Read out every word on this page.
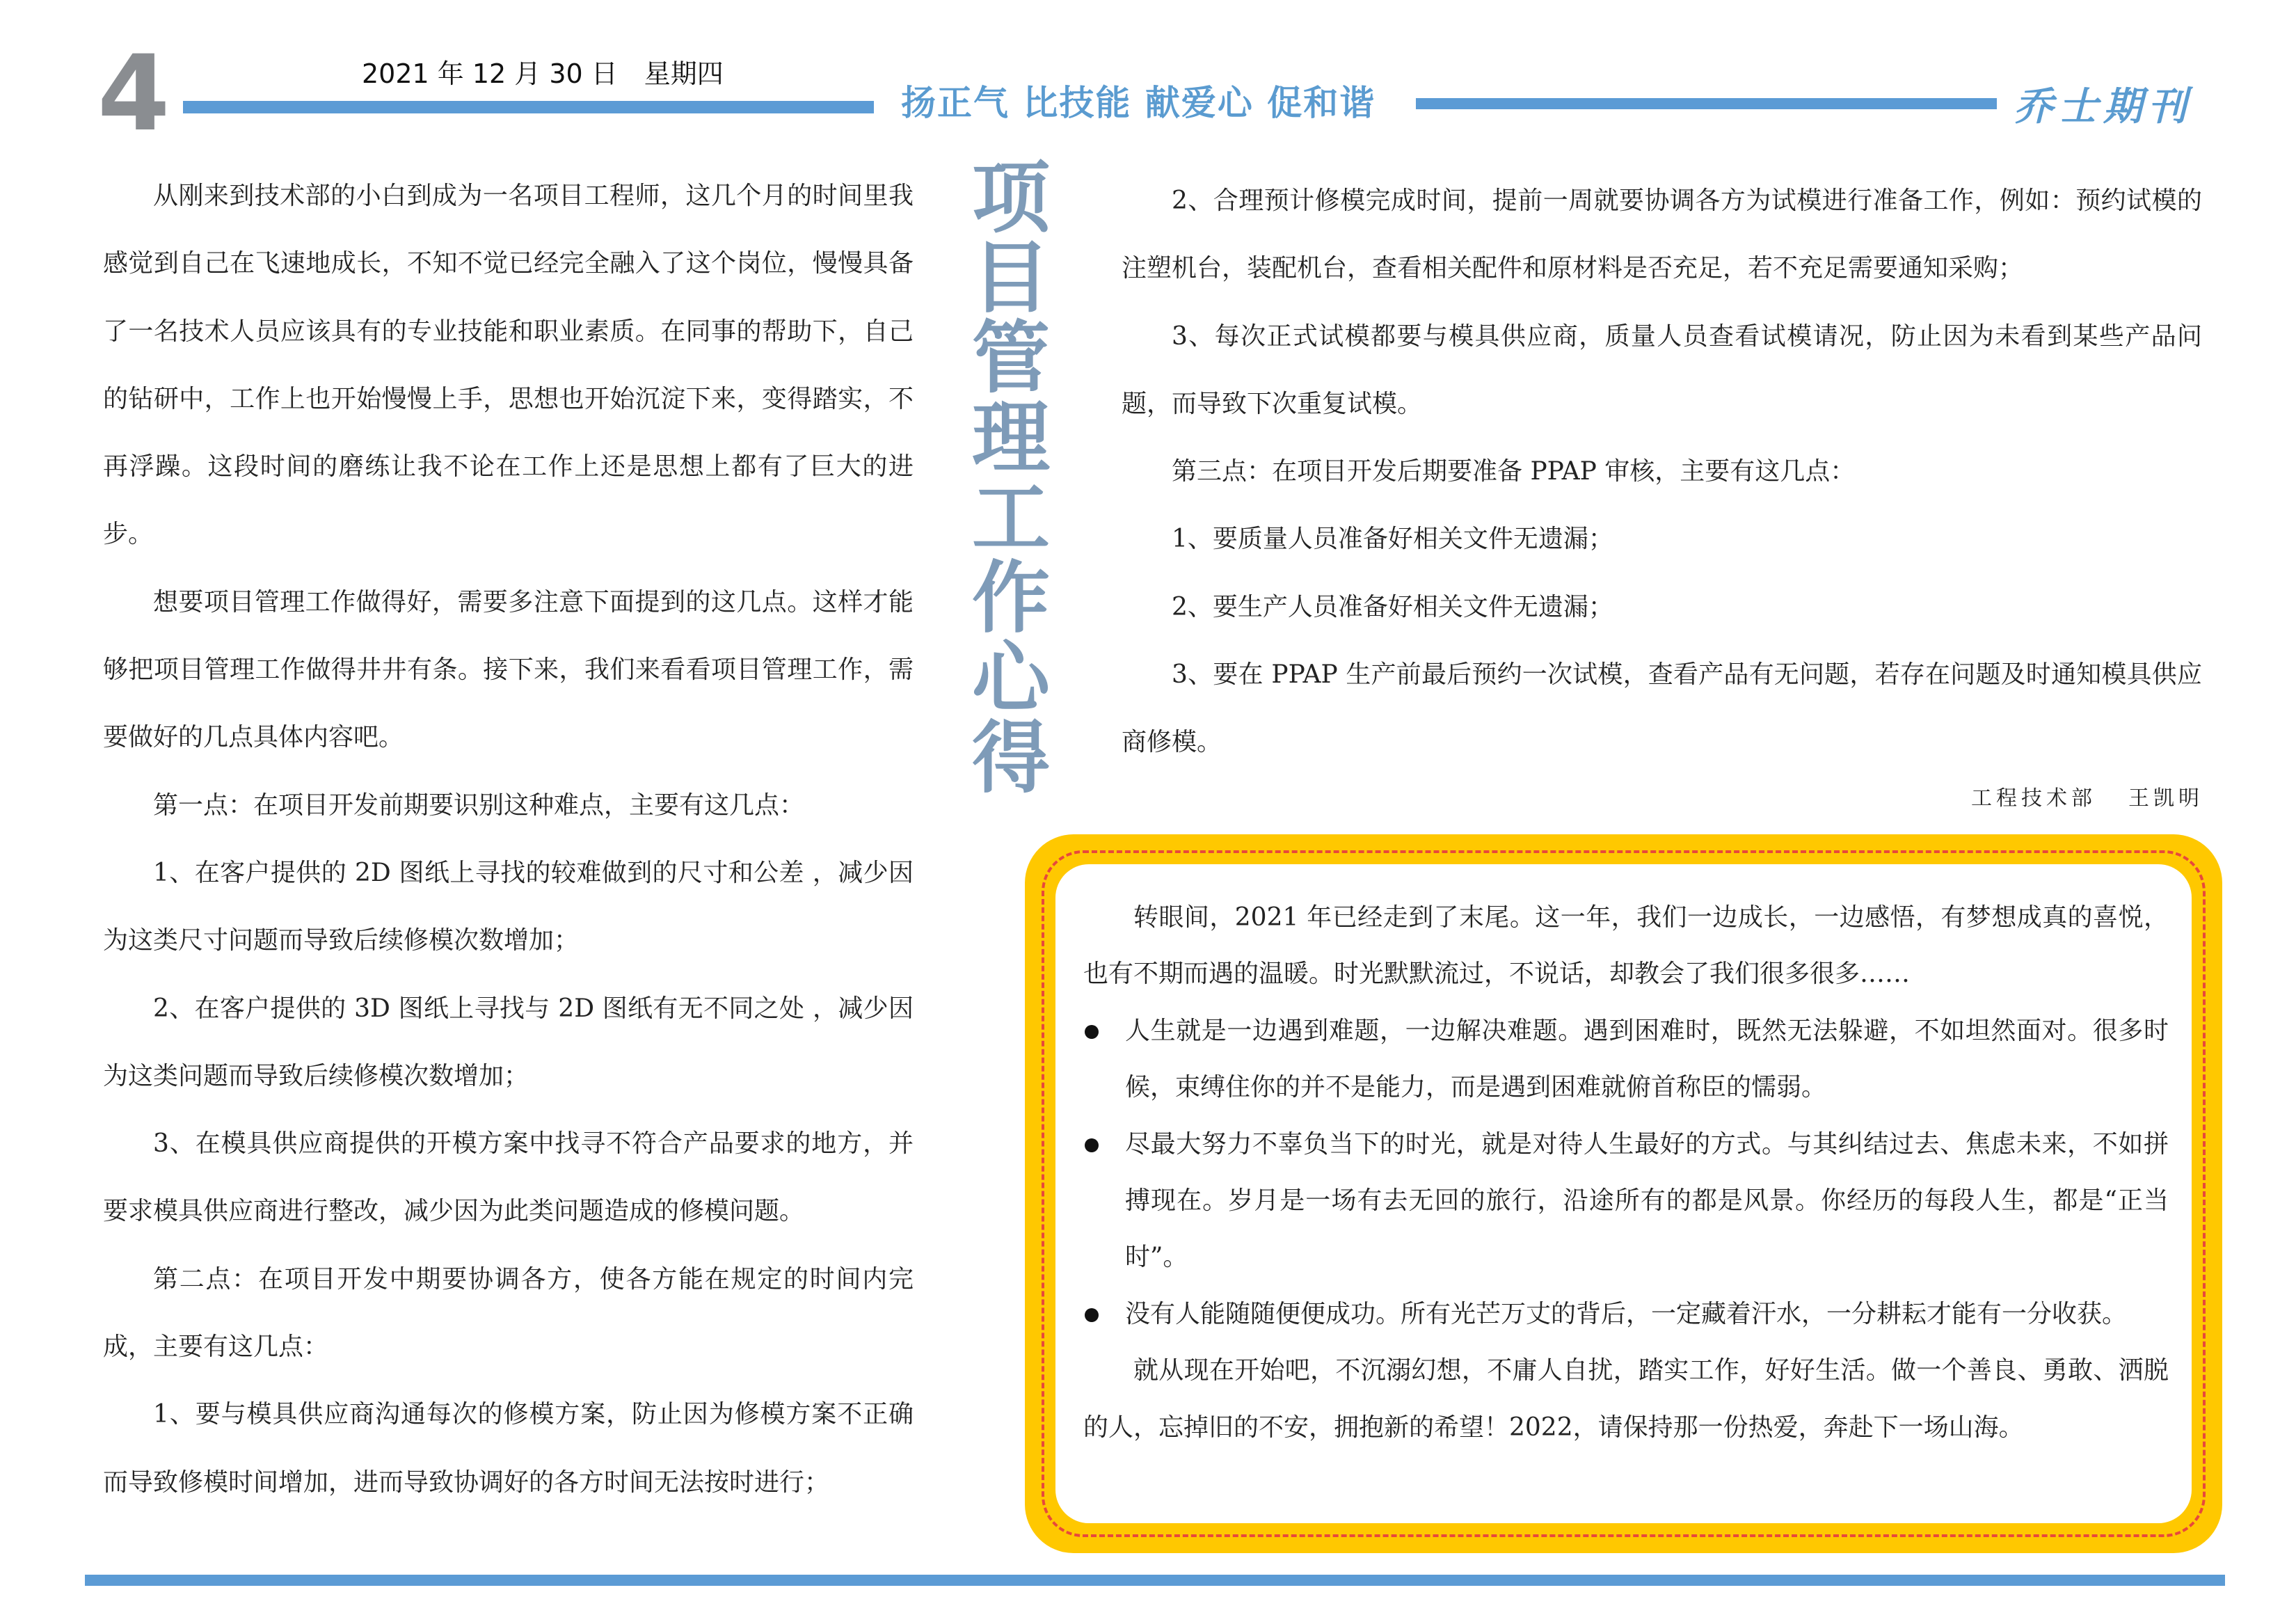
4	2021 年 12 月 30 日　星期四
扬正气 比技能 献爱心 促和谐	乔士期刊

从刚来到技术部的小白到成为一名项目工程师，这几个月的时间里我感觉到自己在飞速地成长，不知不觉已经完全融入了这个岗位，慢慢具备了一名技术人员应该具有的专业技能和职业素质。在同事的帮助下，自己的钻研中，工作上也开始慢慢上手，思想也开始沉淀下来，变得踏实，不再浮躁。这段时间的磨练让我不论在工作上还是思想上都有了巨大的进步。

想要项目管理工作做得好，需要多注意下面提到的这几点。这样才能够把项目管理工作做得井井有条。接下来，我们来看看项目管理工作，需要做好的几点具体内容吧。

第一点：在项目开发前期要识别这种难点，主要有这几点：

1、在客户提供的 2D 图纸上寻找的较难做到的尺寸和公差 ，减少因为这类尺寸问题而导致后续修模次数增加；

2、在客户提供的 3D 图纸上寻找与 2D 图纸有无不同之处 ，减少因为这类问题而导致后续修模次数增加；

3、在模具供应商提供的开模方案中找寻不符合产品要求的地方，并要求模具供应商进行整改，减少因为此类问题造成的修模问题。

第二点：在项目开发中期要协调各方，使各方能在规定的时间内完成，主要有这几点：

1、要与模具供应商沟通每次的修模方案，防止因为修模方案不正确而导致修模时间增加，进而导致协调好的各方时间无法按时进行；

项目管理工作心得

2、合理预计修模完成时间，提前一周就要协调各方为试模进行准备工作，例如：预约试模的注塑机台，装配机台，查看相关配件和原材料是否充足，若不充足需要通知采购；

3、每次正式试模都要与模具供应商，质量人员查看试模请况，防止因为未看到某些产品问题，而导致下次重复试模。

第三点：在项目开发后期要准备 PPAP 审核，主要有这几点：

1、要质量人员准备好相关文件无遗漏；

2、要生产人员准备好相关文件无遗漏；

3、要在 PPAP 生产前最后预约一次试模，查看产品有无问题，若存在问题及时通知模具供应商修模。

工程技术部 王凯明

转眼间，2021 年已经走到了末尾。这一年，我们一边成长，一边感悟，有梦想成真的喜悦，也有不期而遇的温暖。时光默默流过，不说话，却教会了我们很多很多……

人生就是一边遇到难题，一边解决难题。遇到困难时，既然无法躲避，不如坦然面对。很多时候，束缚住你的并不是能力，而是遇到困难就俯首称臣的懦弱。

尽最大努力不辜负当下的时光，就是对待人生最好的方式。与其纠结过去、焦虑未来，不如拼搏现在。岁月是一场有去无回的旅行，沿途所有的都是风景。你经历的每段人生，都是“正当时”。

没有人能随随便便成功。所有光芒万丈的背后，一定藏着汗水，一分耕耘才能有一分收获。

就从现在开始吧，不沉溺幻想，不庸人自扰，踏实工作，好好生活。做一个善良、勇敢、洒脱的人，忘掉旧的不安，拥抱新的希望！2022，请保持那一份热爱，奔赴下一场山海。
